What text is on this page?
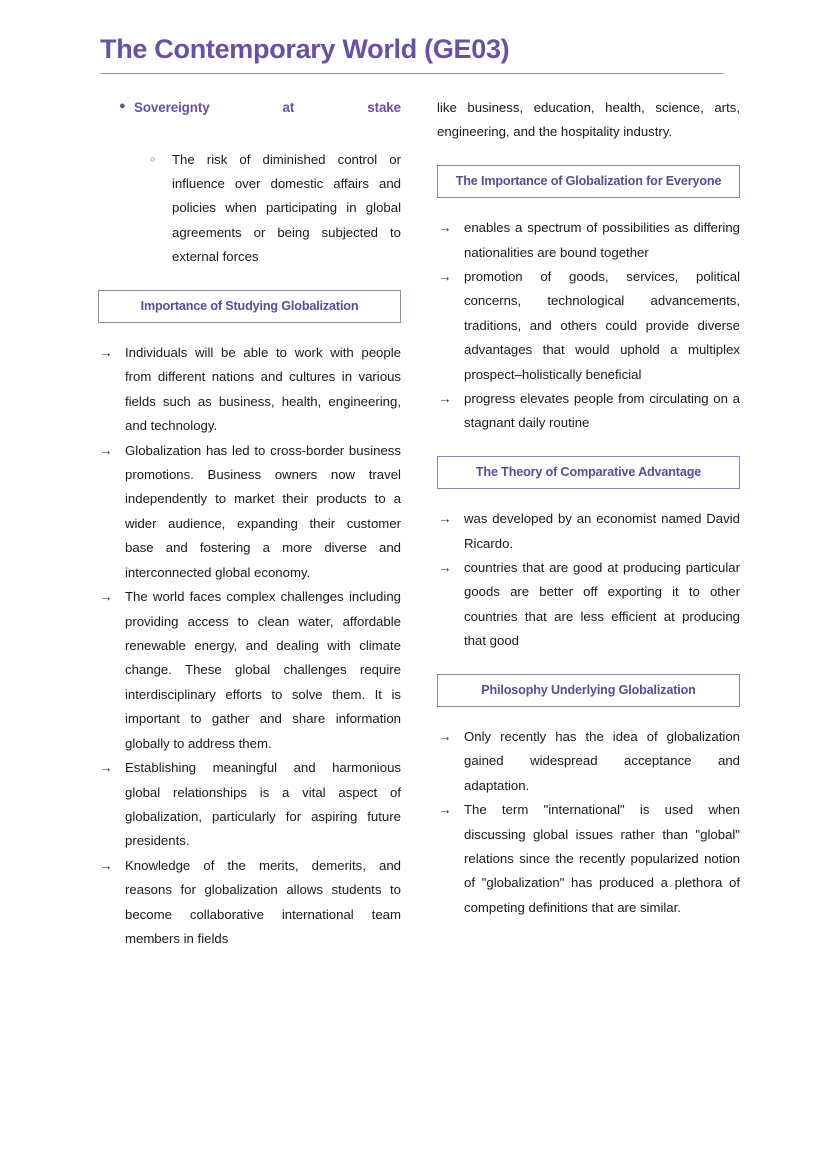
The Contemporary World (GE03)
● Sovereignty at stake
○ The risk of diminished control or influence over domestic affairs and policies when participating in global agreements or being subjected to external forces
Importance of Studying Globalization
→ Individuals will be able to work with people from different nations and cultures in various fields such as business, health, engineering, and technology.
→ Globalization has led to cross-border business promotions. Business owners now travel independently to market their products to a wider audience, expanding their customer base and fostering a more diverse and interconnected global economy.
→ The world faces complex challenges including providing access to clean water, affordable renewable energy, and dealing with climate change. These global challenges require interdisciplinary efforts to solve them. It is important to gather and share information globally to address them.
→ Establishing meaningful and harmonious global relationships is a vital aspect of globalization, particularly for aspiring future presidents.
→ Knowledge of the merits, demerits, and reasons for globalization allows students to become collaborative international team members in fields
like business, education, health, science, arts, engineering, and the hospitality industry.
The Importance of Globalization for Everyone
→ enables a spectrum of possibilities as differing nationalities are bound together
→ promotion of goods, services, political concerns, technological advancements, traditions, and others could provide diverse advantages that would uphold a multiplex prospect–holistically beneficial
→ progress elevates people from circulating on a stagnant daily routine
The Theory of Comparative Advantage
→ was developed by an economist named David Ricardo.
→ countries that are good at producing particular goods are better off exporting it to other countries that are less efficient at producing that good
Philosophy Underlying Globalization
→ Only recently has the idea of globalization gained widespread acceptance and adaptation.
→ The term "international" is used when discussing global issues rather than "global" relations since the recently popularized notion of "globalization" has produced a plethora of competing definitions that are similar.
